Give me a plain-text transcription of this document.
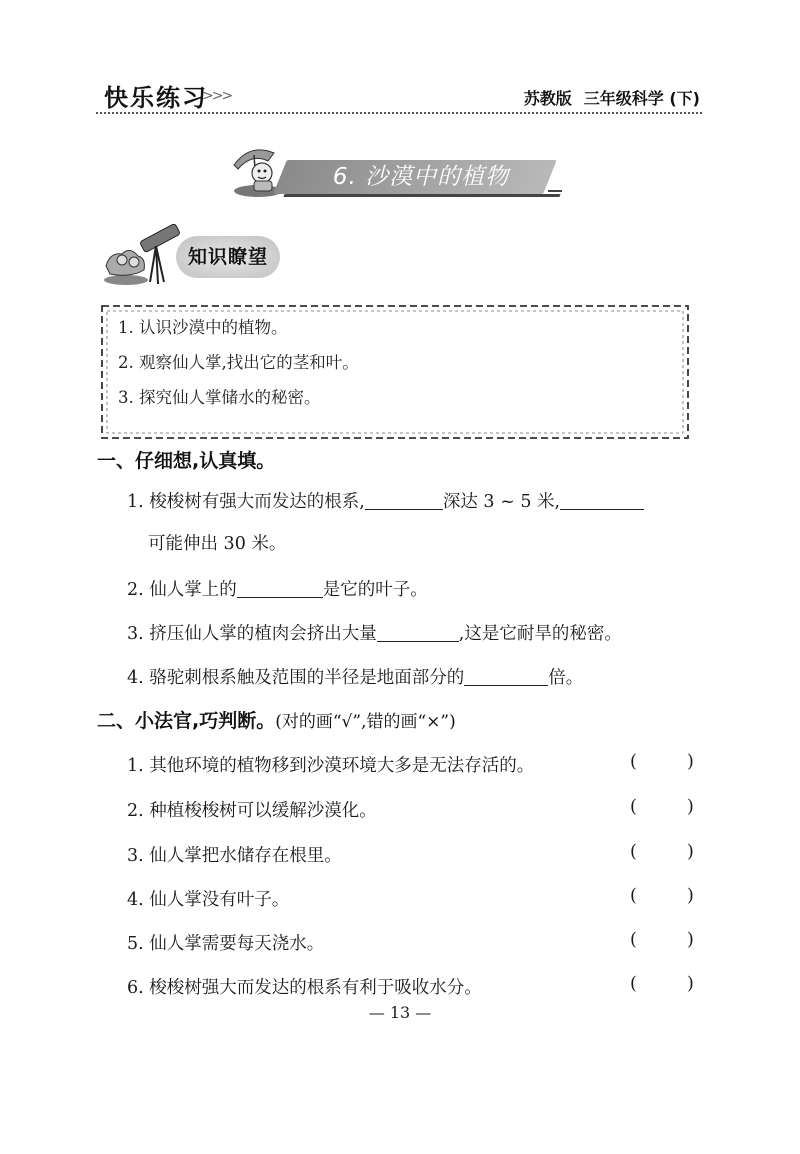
快乐练习
>>>	苏教版 三年级科学 (下)
6. 沙漠中的植物
知识瞭望
1. 认识沙漠中的植物。
2. 观察仙人掌,找出它的茎和叶。
3. 探究仙人掌储水的秘密。
一、仔细想,认真填。
1. 梭梭树有强大而发达的根系,	深达 3 ~ 5 米,
可能伸出 30 米。
2. 仙人掌上的	是它的叶子。
3. 挤压仙人掌的植肉会挤出大量	,这是它耐旱的秘密。
4. 骆驼刺根系触及范围的半径是地面部分的	倍。
二、小法官,巧判断。(对的画“√”,错的画“×”)
1. 其他环境的植物移到沙漠环境大多是无法存活的。	(	)
2. 种植梭梭树可以缓解沙漠化。	(	)
3. 仙人掌把水储存在根里。	(	)
4. 仙人掌没有叶子。	(	)
5. 仙人掌需要每天浇水。	(	)
6. 梭梭树强大而发达的根系有利于吸收水分。	(	)
— 13 —
